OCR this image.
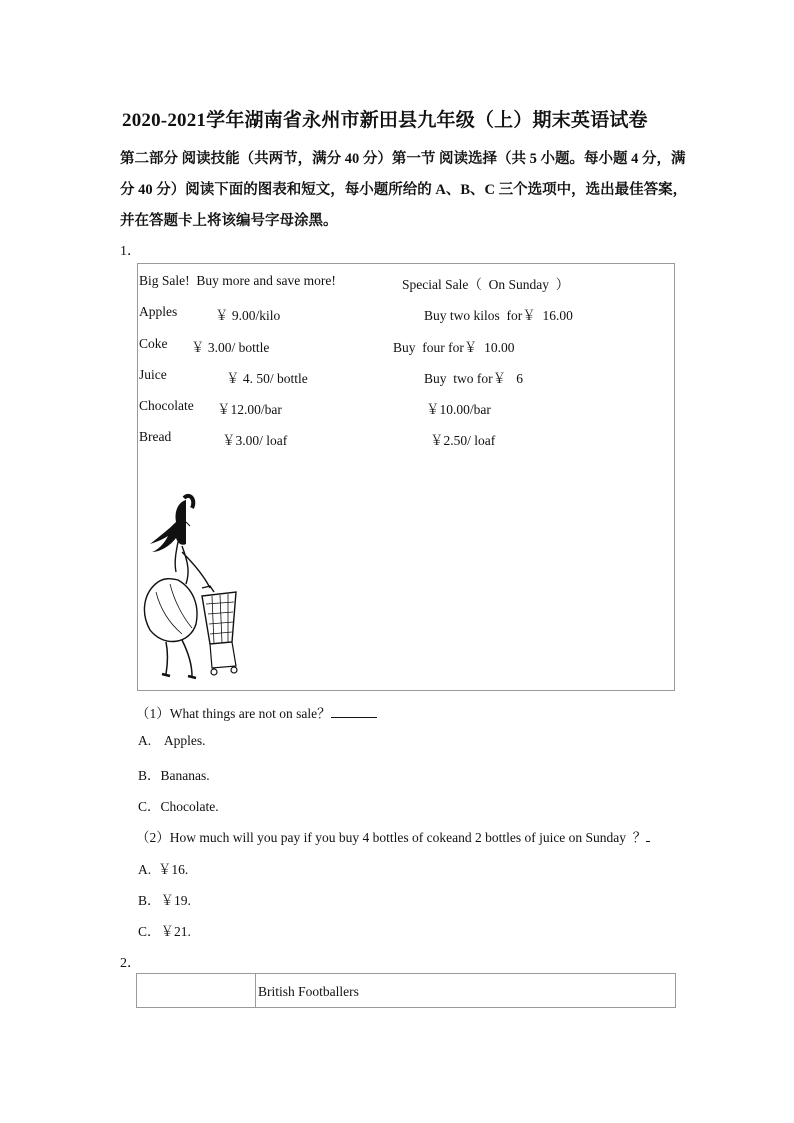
2020-2021学年湖南省永州市新田县九年级（上）期末英语试卷
第二部分 阅读技能（共两节，满分 40 分）第一节 阅读选择（共 5 小题。每小题 4 分，满
分 40 分）阅读下面的图表和短文，每小题所给的 A、B、C 三个选项中，选出最佳答案，
并在答题卡上将该编号字母涂黑。
1．
Big Sale!  Buy more and save more!	Special Sale（  On Sunday  ）
Apples	￥ 9.00/kilo	Buy two kilos  for￥  16.00
Coke ￥ 3.00/ bottle	Buy  four for￥  10.00
Juice	￥ 4. 50/ bottle	Buy  two for￥   6
Chocolate ￥12.00/bar	￥10.00/bar
Bread	￥3.00/ loaf	￥2.50/ loaf
（1）What things are not on sale？
A.    Apples.
B．Bananas.
C．Chocolate.
（2）How much will you pay if you buy 4 bottles of cokeand 2 bottles of juice on Sunday  ？
A.  ￥16.
B．￥19.
C．￥21.
2．
British Footballers
